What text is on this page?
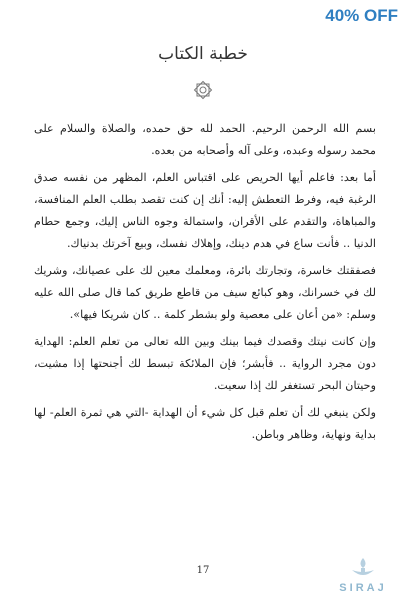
40% OFF
خطبة الكتاب

بسم الله الرحمن الرحيم. الحمد لله حق حمده، والصلاة والسلام على محمد رسوله وعبده، وعلى آله وأصحابه من بعده.

أما بعد: فاعلم أيها الحريص على اقتباس العلم، المظهر من نفسه صدق الرغبة فيه، وفرط التعطش إليه: أنك إن كنت تقصد بطلب العلم المنافسة، والمباهاة، والتقدم على الأقران، واستمالة وجوه الناس إليك، وجمع حطام الدنيا .. فأنت ساع في هدم دينك، وإهلاك نفسك، وبيع آخرتك بدنياك.

فصفقتك خاسرة، وتجارتك بائرة، ومعلمك معين لك على عصيانك، وشريك لك في خسرانك، وهو كبائع سيف من قاطع طريق كما قال صلى الله عليه وسلم: «من أعان على معصية ولو بشطر كلمة .. كان شريكا فيها».

وإن كانت نيتك وقصدك فيما بينك وبين الله تعالى من تعلم العلم: الهداية دون مجرد الرواية .. فأبشر؛ فإن الملائكة تبسط لك أجنحتها إذا مشيت، وحيتان البحر تستغفر لك إذا سعيت.

ولكن ينبغي لك أن تعلم قبل كل شيء أن الهداية -التي هي ثمرة العلم- لها بداية ونهاية، وظاهر وباطن.

17
SIRAJ
